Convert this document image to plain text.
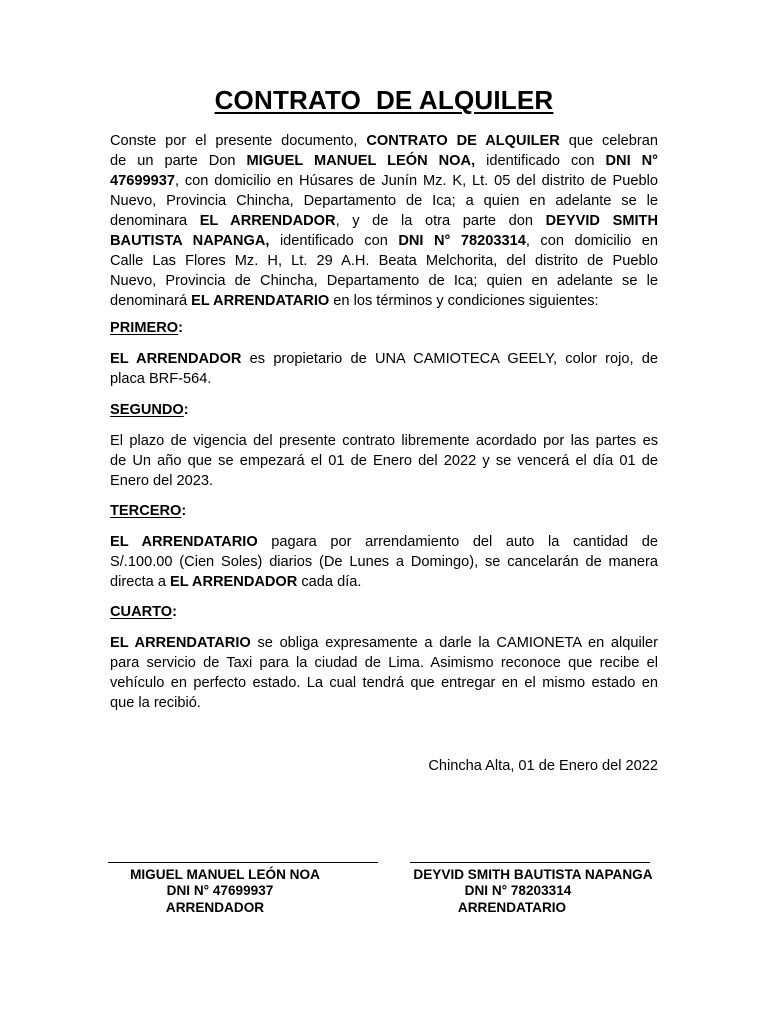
CONTRATO  DE ALQUILER
Conste por el presente documento, CONTRATO DE ALQUILER que celebran
de un parte Don MIGUEL MANUEL LEÓN NOA, identificado con DNI N°
47699937, con domicilio en Húsares de Junín Mz. K, Lt. 05 del distrito de Pueblo
Nuevo, Provincia Chincha, Departamento de Ica; a quien en adelante se le
denominara EL ARRENDADOR, y de la otra parte don DEYVID SMITH
BAUTISTA NAPANGA, identificado con DNI N° 78203314, con domicilio en
Calle Las Flores Mz. H, Lt. 29 A.H. Beata Melchorita, del distrito de Pueblo
Nuevo, Provincia de Chincha, Departamento de Ica; quien en adelante se le
denominará EL ARRENDATARIO en los términos y condiciones siguientes:
PRIMERO:
EL ARRENDADOR es propietario de UNA CAMIOTECA GEELY, color rojo, de
placa BRF-564.
SEGUNDO:
El plazo de vigencia del presente contrato libremente acordado por las partes es
de Un año que se empezará el 01 de Enero del 2022 y se vencerá el día 01 de
Enero del 2023.
TERCERO:
EL ARRENDATARIO pagara por arrendamiento del auto la cantidad de
S/.100.00 (Cien Soles) diarios (De Lunes a Domingo), se cancelarán de manera
directa a EL ARRENDADOR cada día.
CUARTO:
EL ARRENDATARIO se obliga expresamente a darle la CAMIONETA en alquiler
para servicio de Taxi para la ciudad de Lima. Asimismo reconoce que recibe el
vehículo en perfecto estado. La cual tendrá que entregar en el mismo estado en
que la recibió.
Chincha Alta, 01 de Enero del 2022
MIGUEL MANUEL LEÓN NOA
DNI N° 47699937
ARRENDADOR
DEYVID SMITH BAUTISTA NAPANGA
DNI N° 78203314
ARRENDATARIO
